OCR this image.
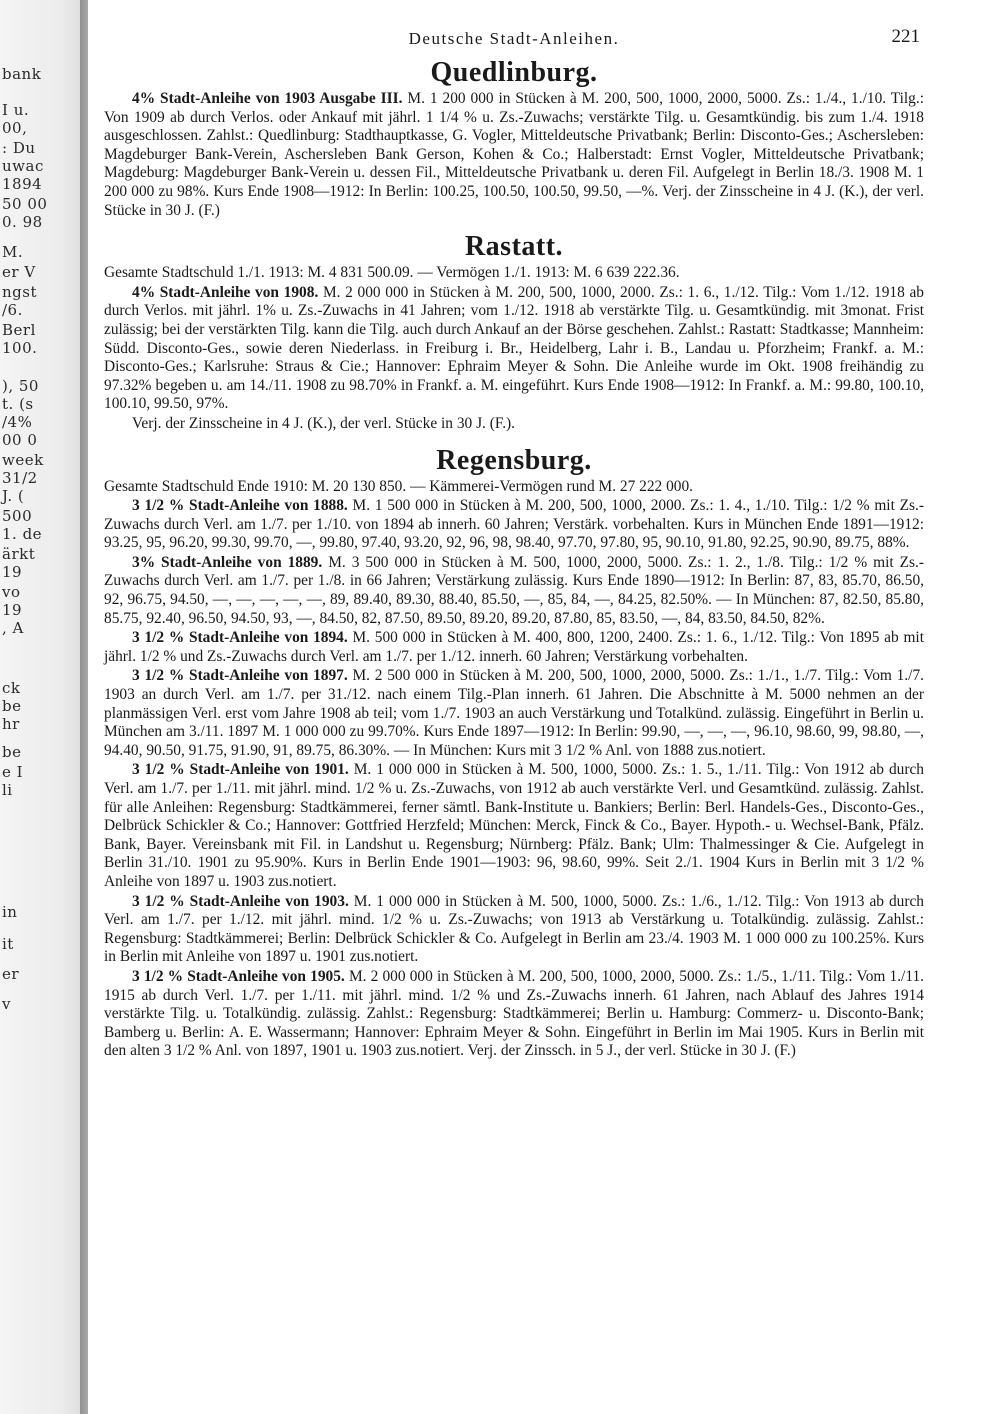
bank
I u.
00,
: Du
uwac
1894
50 00
0. 98
M.
er V
ngst
/6.
Berl
100.
), 50
t. (s
/4%
00 0
week
31/2
J. (
500
1. de
ärkt
19
vo
19
, A
ck
be
hr
be
e I
li
in
it
er
v
Deutsche Stadt-Anleihen.	221
Quedlinburg.

4% Stadt-Anleihe von 1903 Ausgabe III. M. 1 200 000 in Stücken à M. 200, 500, 1000, 2000, 5000. Zs.: 1./4., 1./10. Tilg.: Von 1909 ab durch Verlos. oder Ankauf mit jährl. 1 1/4 % u. Zs.-Zuwachs; verstärkte Tilg. u. Gesamtkündig. bis zum 1./4. 1918 ausgeschlossen. Zahlst.: Quedlinburg: Stadthauptkasse, G. Vogler, Mitteldeutsche Privatbank; Berlin: Disconto-Ges.; Aschersleben: Magdeburger Bank-Verein, Aschersleben Bank Gerson, Kohen & Co.; Halberstadt: Ernst Vogler, Mitteldeutsche Privatbank; Magdeburg: Magdeburger Bank-Verein u. dessen Fil., Mitteldeutsche Privatbank u. deren Fil. Aufgelegt in Berlin 18./3. 1908 M. 1 200 000 zu 98%. Kurs Ende 1908—1912: In Berlin: 100.25, 100.50, 100.50, 99.50, —%. Verj. der Zinsscheine in 4 J. (K.), der verl. Stücke in 30 J. (F.)

Rastatt.

Gesamte Stadtschuld 1./1. 1913: M. 4 831 500.09. — Vermögen 1./1. 1913: M. 6 639 222.36.

4% Stadt-Anleihe von 1908. M. 2 000 000 in Stücken à M. 200, 500, 1000, 2000. Zs.: 1. 6., 1./12. Tilg.: Vom 1./12. 1918 ab durch Verlos. mit jährl. 1% u. Zs.-Zuwachs in 41 Jahren; vom 1./12. 1918 ab verstärkte Tilg. u. Gesamtkündig. mit 3monat. Frist zulässig; bei der verstärkten Tilg. kann die Tilg. auch durch Ankauf an der Börse geschehen. Zahlst.: Rastatt: Stadtkasse; Mannheim: Südd. Disconto-Ges., sowie deren Niederlass. in Freiburg i. Br., Heidelberg, Lahr i. B., Landau u. Pforzheim; Frankf. a. M.: Disconto-Ges.; Karlsruhe: Straus & Cie.; Hannover: Ephraim Meyer & Sohn. Die Anleihe wurde im Okt. 1908 freihändig zu 97.32% begeben u. am 14./11. 1908 zu 98.70% in Frankf. a. M. eingeführt. Kurs Ende 1908—1912: In Frankf. a. M.: 99.80, 100.10, 100.10, 99.50, 97%.

Verj. der Zinsscheine in 4 J. (K.), der verl. Stücke in 30 J. (F.).

Regensburg.

Gesamte Stadtschuld Ende 1910: M. 20 130 850. — Kämmerei-Vermögen rund M. 27 222 000.

3 1/2 % Stadt-Anleihe von 1888. M. 1 500 000 in Stücken à M. 200, 500, 1000, 2000. Zs.: 1. 4., 1./10. Tilg.: 1/2 % mit Zs.-Zuwachs durch Verl. am 1./7. per 1./10. von 1894 ab innerh. 60 Jahren; Verstärk. vorbehalten. Kurs in München Ende 1891—1912: 93.25, 95, 96.20, 99.30, 99.70, —, 99.80, 97.40, 93.20, 92, 96, 98, 98.40, 97.70, 97.80, 95, 90.10, 91.80, 92.25, 90.90, 89.75, 88%.

3% Stadt-Anleihe von 1889. M. 3 500 000 in Stücken à M. 500, 1000, 2000, 5000. Zs.: 1. 2., 1./8. Tilg.: 1/2 % mit Zs.-Zuwachs durch Verl. am 1./7. per 1./8. in 66 Jahren; Verstärkung zulässig. Kurs Ende 1890—1912: In Berlin: 87, 83, 85.70, 86.50, 92, 96.75, 94.50, —, —, —, —, —, 89, 89.40, 89.30, 88.40, 85.50, —, 85, 84, —, 84.25, 82.50%. — In München: 87, 82.50, 85.80, 85.75, 92.40, 96.50, 94.50, 93, —, 84.50, 82, 87.50, 89.50, 89.20, 89.20, 87.80, 85, 83.50, —, 84, 83.50, 84.50, 82%.

3 1/2 % Stadt-Anleihe von 1894. M. 500 000 in Stücken à M. 400, 800, 1200, 2400. Zs.: 1. 6., 1./12. Tilg.: Von 1895 ab mit jährl. 1/2 % und Zs.-Zuwachs durch Verl. am 1./7. per 1./12. innerh. 60 Jahren; Verstärkung vorbehalten.

3 1/2 % Stadt-Anleihe von 1897. M. 2 500 000 in Stücken à M. 200, 500, 1000, 2000, 5000. Zs.: 1./1., 1./7. Tilg.: Vom 1./7. 1903 an durch Verl. am 1./7. per 31./12. nach einem Tilg.-Plan innerh. 61 Jahren. Die Abschnitte à M. 5000 nehmen an der planmässigen Verl. erst vom Jahre 1908 ab teil; vom 1./7. 1903 an auch Verstärkung und Totalkünd. zulässig. Eingeführt in Berlin u. München am 3./11. 1897 M. 1 000 000 zu 99.70%. Kurs Ende 1897—1912: In Berlin: 99.90, —, —, —, 96.10, 98.60, 99, 98.80, —, 94.40, 90.50, 91.75, 91.90, 91, 89.75, 86.30%. — In München: Kurs mit 3 1/2 % Anl. von 1888 zus.notiert.

3 1/2 % Stadt-Anleihe von 1901. M. 1 000 000 in Stücken à M. 500, 1000, 5000. Zs.: 1. 5., 1./11. Tilg.: Von 1912 ab durch Verl. am 1./7. per 1./11. mit jährl. mind. 1/2 % u. Zs.-Zuwachs, von 1912 ab auch verstärkte Verl. und Gesamtkünd. zulässig. Zahlst. für alle Anleihen: Regensburg: Stadtkämmerei, ferner sämtl. Bank-Institute u. Bankiers; Berlin: Berl. Handels-Ges., Disconto-Ges., Delbrück Schickler & Co.; Hannover: Gottfried Herzfeld; München: Merck, Finck & Co., Bayer. Hypoth.- u. Wechsel-Bank, Pfälz. Bank, Bayer. Vereinsbank mit Fil. in Landshut u. Regensburg; Nürnberg: Pfälz. Bank; Ulm: Thalmessinger & Cie. Aufgelegt in Berlin 31./10. 1901 zu 95.90%. Kurs in Berlin Ende 1901—1903: 96, 98.60, 99%. Seit 2./1. 1904 Kurs in Berlin mit 3 1/2 % Anleihe von 1897 u. 1903 zus.notiert.

3 1/2 % Stadt-Anleihe von 1903. M. 1 000 000 in Stücken à M. 500, 1000, 5000. Zs.: 1./6., 1./12. Tilg.: Von 1913 ab durch Verl. am 1./7. per 1./12. mit jährl. mind. 1/2 % u. Zs.-Zuwachs; von 1913 ab Verstärkung u. Totalkündig. zulässig. Zahlst.: Regensburg: Stadtkämmerei; Berlin: Delbrück Schickler & Co. Aufgelegt in Berlin am 23./4. 1903 M. 1 000 000 zu 100.25%. Kurs in Berlin mit Anleihe von 1897 u. 1901 zus.notiert.

3 1/2 % Stadt-Anleihe von 1905. M. 2 000 000 in Stücken à M. 200, 500, 1000, 2000, 5000. Zs.: 1./5., 1./11. Tilg.: Vom 1./11. 1915 ab durch Verl. 1./7. per 1./11. mit jährl. mind. 1/2 % und Zs.-Zuwachs innerh. 61 Jahren, nach Ablauf des Jahres 1914 verstärkte Tilg. u. Totalkündig. zulässig. Zahlst.: Regensburg: Stadtkämmerei; Berlin u. Hamburg: Commerz- u. Disconto-Bank; Bamberg u. Berlin: A. E. Wassermann; Hannover: Ephraim Meyer & Sohn. Eingeführt in Berlin im Mai 1905. Kurs in Berlin mit den alten 3 1/2 % Anl. von 1897, 1901 u. 1903 zus.notiert. Verj. der Zinssch. in 5 J., der verl. Stücke in 30 J. (F.)
